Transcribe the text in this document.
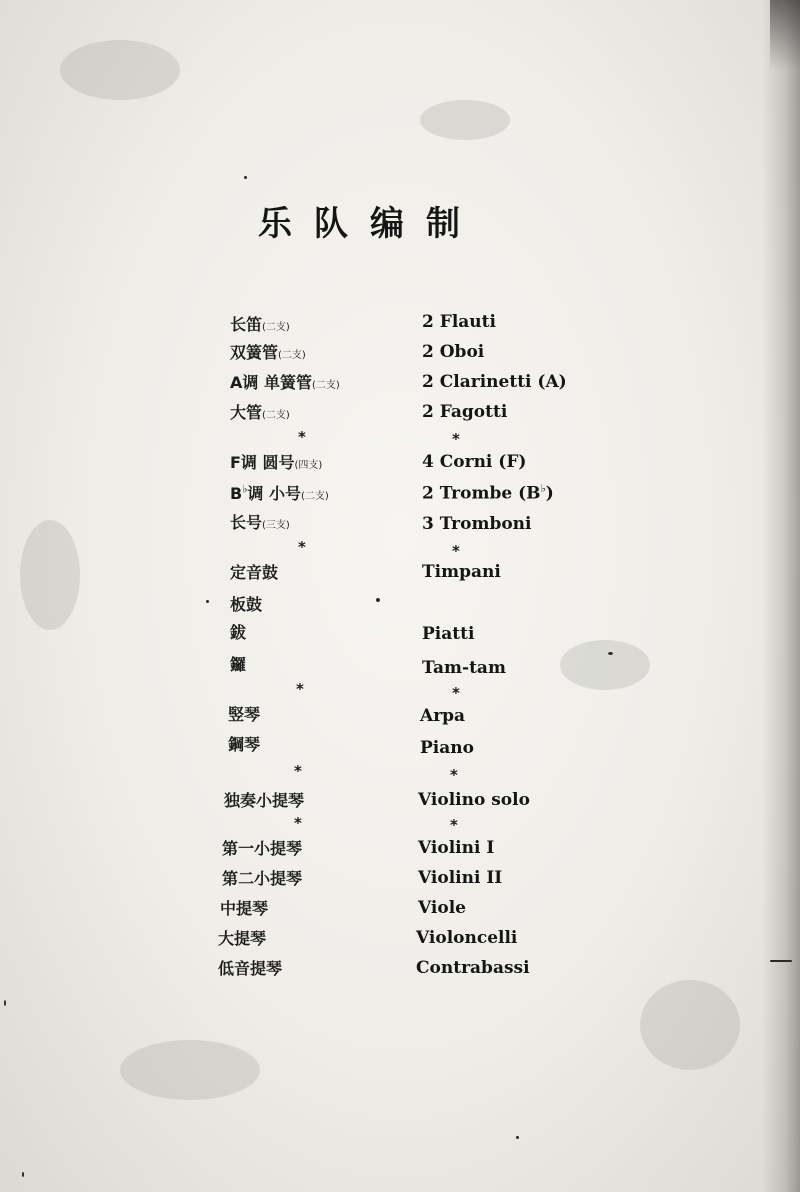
乐队编制
长笛(二支)	2 Flauti
双簧管(二支)	2 Oboi
A调 单簧管(二支)	2 Clarinetti (A)
大管(二支)	2 Fagotti
*	*
F调 圆号(四支)	4 Corni (F)
B♭调 小号(二支)	2 Trombe (B♭)
长号(三支)	3 Tromboni
*	*
定音鼓	Timpani
板鼓
鈸	Piatti
鑼	Tam-tam
*	*
竪琴	Arpa
鋼琴	Piano
*	*
独奏小提琴	Violino solo
*	*
第一小提琴	Violini I
第二小提琴	Violini II
中提琴	Viole
大提琴	Violoncelli
低音提琴	Contrabassi
